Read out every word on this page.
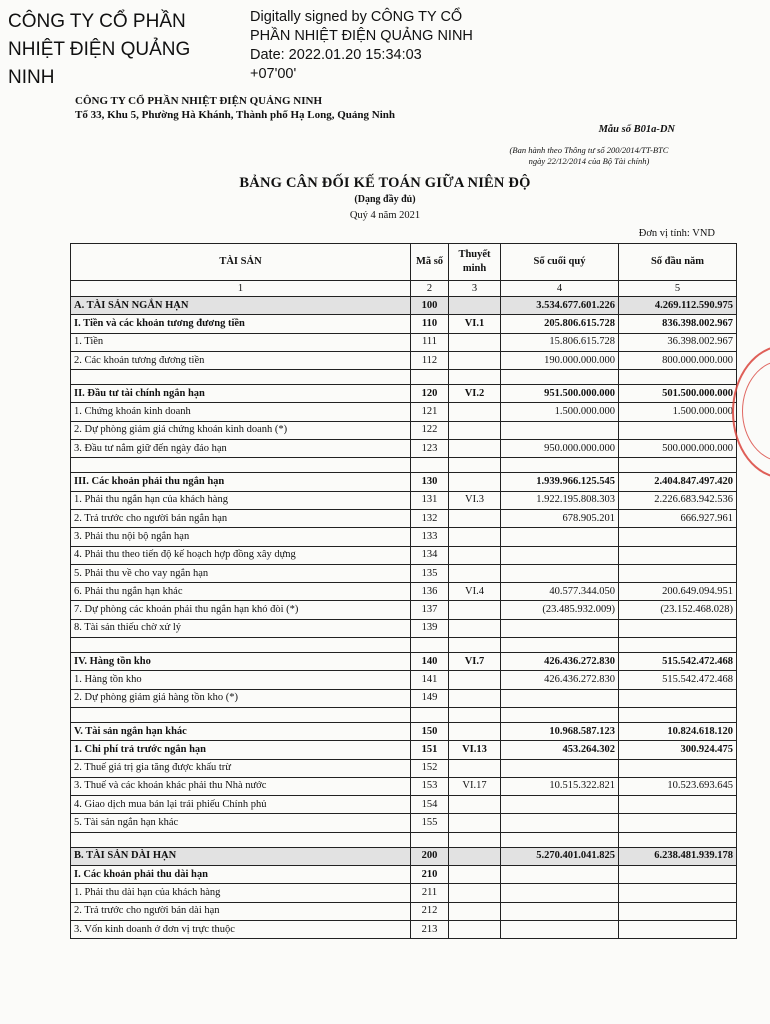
CÔNG TY CỔ PHẦN NHIỆT ĐIỆN QUẢNG NINH
Digitally signed by CÔNG TY CỔ
PHẦN NHIỆT ĐIỆN QUẢNG NINH
Date: 2022.01.20 15:34:03
+07'00'
CÔNG TY CỔ PHẦN NHIỆT ĐIỆN QUẢNG NINH
Tổ 33, Khu 5, Phường Hà Khánh, Thành phố Hạ Long, Quảng Ninh
Mẫu số B01a-DN
(Ban hành theo Thông tư số 200/2014/TT-BTC
ngày 22/12/2014 của Bộ Tài chính)
BẢNG CÂN ĐỐI KẾ TOÁN GIỮA NIÊN ĐỘ
(Dạng đầy đủ)
Quý 4 năm 2021
Đơn vị tính: VND
TÀI SẢN	Mã số	Thuyết minh	Số cuối quý	Số đầu năm
1	2	3	4	5
A. TÀI SẢN NGẮN HẠN	100		3.534.677.601.226	4.269.112.590.975
I. Tiền và các khoản tương đương tiền	110	VI.1	205.806.615.728	836.398.002.967
1. Tiền	111		15.806.615.728	36.398.002.967
2. Các khoản tương đương tiền	112		190.000.000.000	800.000.000.000

II. Đầu tư tài chính ngắn hạn	120	VI.2	951.500.000.000	501.500.000.000
1. Chứng khoán kinh doanh	121		1.500.000.000	1.500.000.000
2. Dự phòng giảm giá chứng khoán kinh doanh (*)	122			
3. Đầu tư nắm giữ đến ngày đáo hạn	123		950.000.000.000	500.000.000.000

III. Các khoản phải thu ngắn hạn	130		1.939.966.125.545	2.404.847.497.420
1. Phải thu ngắn hạn của khách hàng	131	VI.3	1.922.195.808.303	2.226.683.942.536
2. Trả trước cho người bán ngắn hạn	132		678.905.201	666.927.961
3. Phải thu nội bộ ngắn hạn	133			
4. Phải thu theo tiến độ kế hoạch hợp đồng xây dựng	134			
5. Phải thu về cho vay ngắn hạn	135			
6. Phải thu ngắn hạn khác	136	VI.4	40.577.344.050	200.649.094.951
7. Dự phòng các khoản phải thu ngắn hạn khó đòi (*)	137		(23.485.932.009)	(23.152.468.028)
8. Tài sản thiếu chờ xử lý	139			

IV. Hàng tồn kho	140	VI.7	426.436.272.830	515.542.472.468
1. Hàng tồn kho	141		426.436.272.830	515.542.472.468
2. Dự phòng giảm giá hàng tồn kho (*)	149			

V. Tài sản ngắn hạn khác	150		10.968.587.123	10.824.618.120
1. Chi phí trả trước ngắn hạn	151	VI.13	453.264.302	300.924.475
2. Thuế giá trị gia tăng được khấu trừ	152			
3. Thuế và các khoản khác phải thu Nhà nước	153	VI.17	10.515.322.821	10.523.693.645
4. Giao dịch mua bán lại trái phiếu Chính phủ	154			
5. Tài sản ngắn hạn khác	155			

B. TÀI SẢN DÀI HẠN	200		5.270.401.041.825	6.238.481.939.178
I. Các khoản phải thu dài hạn	210			
1. Phải thu dài hạn của khách hàng	211			
2. Trả trước cho người bán dài hạn	212			
3. Vốn kinh doanh ở đơn vị trực thuộc	213			
